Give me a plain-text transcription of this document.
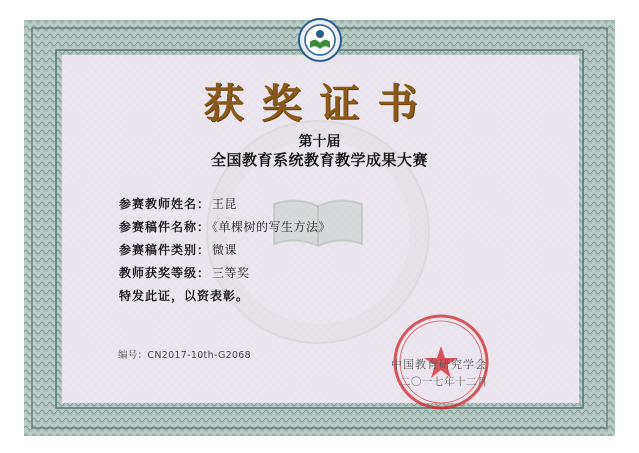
获奖证书
第十届
全国教育系统教育教学成果大赛
参赛教师姓名： 王昆
参赛稿件名称： 《单棵树的写生方法》
参赛稿件类别： 微课
教师获奖等级： 三等奖
特发此证，以资表彰。
编号：CN2017-10th-G2068
中国教育研究学会
二〇一七年十二月
